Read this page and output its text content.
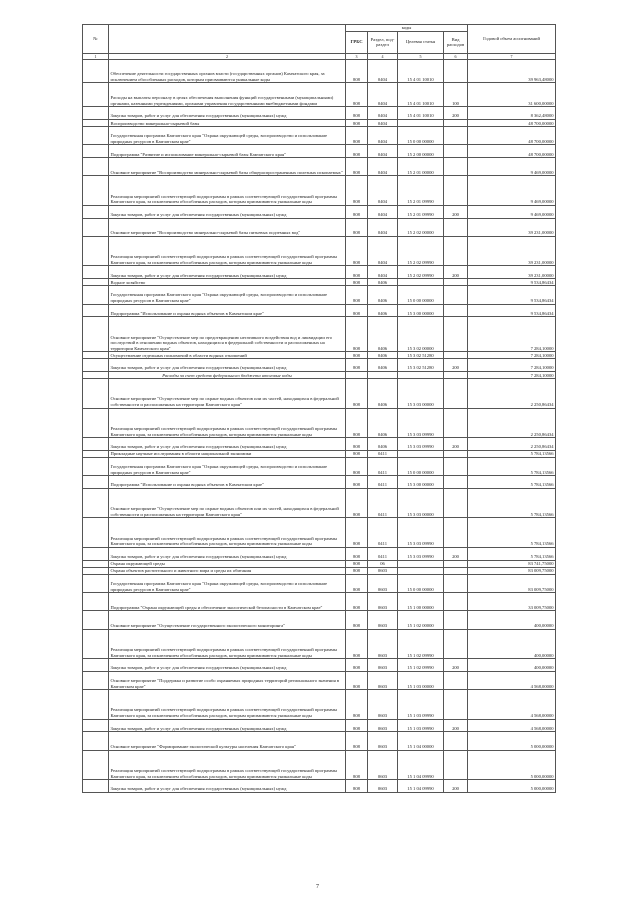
№		коды				Годовой объем ассигнований
		ГРБС	Раздел, под-раздел	Целевая статья	Вид расходов	
1	2	3	4	5	6	7
	Обеспечение деятельности государственных органов власти (государственных органов) Камчатского края, за исключением обособленных расходов, которым присваиваются уникальные коды	808	0404	15 4 01 10010		39 963,48000
	Расходы на выплаты персоналу в целях обеспечения выполнения функций государственными (муниципальными) органами, казенными учреждениями, органами управления государственными внебюджетными фондами	808	0404	15 4 01 10010	100	31 600,00000
	Закупка товаров, работ и услуг для обеспечения государственных (муниципальных) нужд	808	0404	15 4 01 10010	200	8 362,48000
	Воспроизводство минерально-сырьевой базы	808	0404			48 700,00000
	Государственная программа Камчатского края "Охрана окружающей среды, воспроизводство и использование природных ресурсов в Камчатском крае"	808	0404	15 0 00 00000		48 700,00000
	Подпрограмма "Развитие и использование минерально-сырьевой базы Камчатского края"	808	0404	15 2 00 00000		48 700,00000
	Основное мероприятие "Воспроизводство минерально-сырьевой базы общераспространенных полезных ископаемых"	808	0404	15 2 01 00000		9 469,00000
	Реализация мероприятий соответствующей подпрограммы в рамках соответствующей государственной программы Камчатского края, за исключением обособленных расходов, которым присваиваются уникальные коды	808	0404	15 2 01 09990		9 469,00000
	Закупка товаров, работ и услуг для обеспечения государственных (муниципальных) нужд	808	0404	15 2 01 09990	200	9 469,00000
	Основное мероприятие "Воспроизводство минерально-сырьевой базы питьевых подземных вод"	808	0404	15 2 02 00000		39 231,00000
	Реализация мероприятий соответствующей подпрограммы в рамках соответствующей государственной программы Камчатского края, за исключением обособленных расходов, которым присваиваются уникальные коды	808	0404	15 2 02 09990		39 231,00000
	Закупка товаров, работ и услуг для обеспечения государственных (муниципальных) нужд	808	0404	15 2 02 09990	200	39 231,00000
	Водное хозяйство	808	0406			9 534,86434
	Государственная программа Камчатского края "Охрана окружающей среды, воспроизводство и использование природных ресурсов в Камчатском крае"	808	0406	15 0 00 00000		9 534,86434
	Подпрограмма "Использование и охрана водных объектов в Камчатском крае"	808	0406	15 3 00 00000		9 534,86434
	Основное мероприятие "Осуществление мер по предотвращению негативного воздействия вод и ликвидации его последствий в отношении водных объектов, находящихся в федеральной собственности и расположенных на территории Камчатского края"	808	0406	15 3 02 00000		7 284,10000
	Осуществление отдельных полномочий в области водных отношений	808	0406	15 3 02 51280		7 284,10000
	Закупка товаров, работ и услуг для обеспечения государственных (муниципальных) нужд	808	0406	15 3 02 51280	200	7 284,10000
	Расходы за счет средств федерального бюджета итоговые коды					7 284,10000
	Основное мероприятие "Осуществление мер по охране водных объектов или их частей, находящихся в федеральной собственности и расположенных на территории Камчатского края"	808	0406	15 3 03 00000		2 250,86434
	Реализация мероприятий соответствующей подпрограммы в рамках соответствующей государственной программы Камчатского края, за исключением обособленных расходов, которым присваиваются уникальные коды	808	0406	15 3 03 09990		2 250,86434
	Закупка товаров, работ и услуг для обеспечения государственных (муниципальных) нужд	808	0406	15 3 03 09990	200	2 250,86434
	Прикладные научные исследования в области национальной экономики	808	0411			5 784,13566
	Государственная программа Камчатского края "Охрана окружающей среды, воспроизводство и использование природных ресурсов в Камчатском крае"	808	0411	15 0 00 00000		5 784,13566
	Подпрограмма "Использование и охрана водных объектов в Камчатском крае"	808	0411	15 3 00 00000		5 784,13566
	Основное мероприятие "Осуществление мер по охране водных объектов или их частей, находящихся в федеральной собственности и расположенных на территории Камчатского края"	808	0411	15 3 03 00000		5 784,13566
	Реализация мероприятий соответствующей подпрограммы в рамках соответствующей государственной программы Камчатского края, за исключением обособленных расходов, которым присваиваются уникальные коды	808	0411	15 3 03 09990		5 784,13566
	Закупка товаров, работ и услуг для обеспечения государственных (муниципальных) нужд	808	0411	15 3 03 09990	200	5 784,13566
	Охрана окружающей среды	808	06			83 741,75000
	Охрана объектов растительного и животного мира и среды их обитания	808	0603			83 009,75000
	Государственная программа Камчатского края "Охрана окружающей среды, воспроизводство и использование природных ресурсов в Камчатском крае"	808	0603	15 0 00 00000		83 009,75000
	Подпрограмма "Охрана окружающей среды и обеспечение экологической безопасности в Камчатском крае"	808	0603	15 1 00 00000		33 009,75000
	Основное мероприятие "Осуществление государственного экологического мониторинга"	808	0603	15 1 02 00000		400,00000
	Реализация мероприятий соответствующей подпрограммы в рамках соответствующей государственной программы Камчатского края, за исключением обособленных расходов, которым присваиваются уникальные коды	808	0603	15 1 02 09990		400,00000
	Закупка товаров, работ и услуг для обеспечения государственных (муниципальных) нужд	808	0603	15 1 02 09990	200	400,00000
	Основное мероприятие "Поддержка и развитие особо охраняемых природных территорий регионального значения в Камчатском крае"	808	0603	15 1 03 00000		4 568,00000
	Реализация мероприятий соответствующей подпрограммы в рамках соответствующей государственной программы Камчатского края, за исключением обособленных расходов, которым присваиваются уникальные коды	808	0603	15 1 03 09990		4 568,00000
	Закупка товаров, работ и услуг для обеспечения государственных (муниципальных) нужд	808	0603	15 1 03 09990	200	4 568,00000
	Основное мероприятие "Формирование экологической культуры населения Камчатского края"	808	0603	15 1 04 00000		5 000,00000
	Реализация мероприятий соответствующей подпрограммы в рамках соответствующей государственной программы Камчатского края, за исключением обособленных расходов, которым присваиваются уникальные коды	808	0603	15 1 04 09990		5 000,00000
	Закупка товаров, работ и услуг для обеспечения государственных (муниципальных) нужд	808	0603	15 1 04 09990	200	5 000,00000
7
